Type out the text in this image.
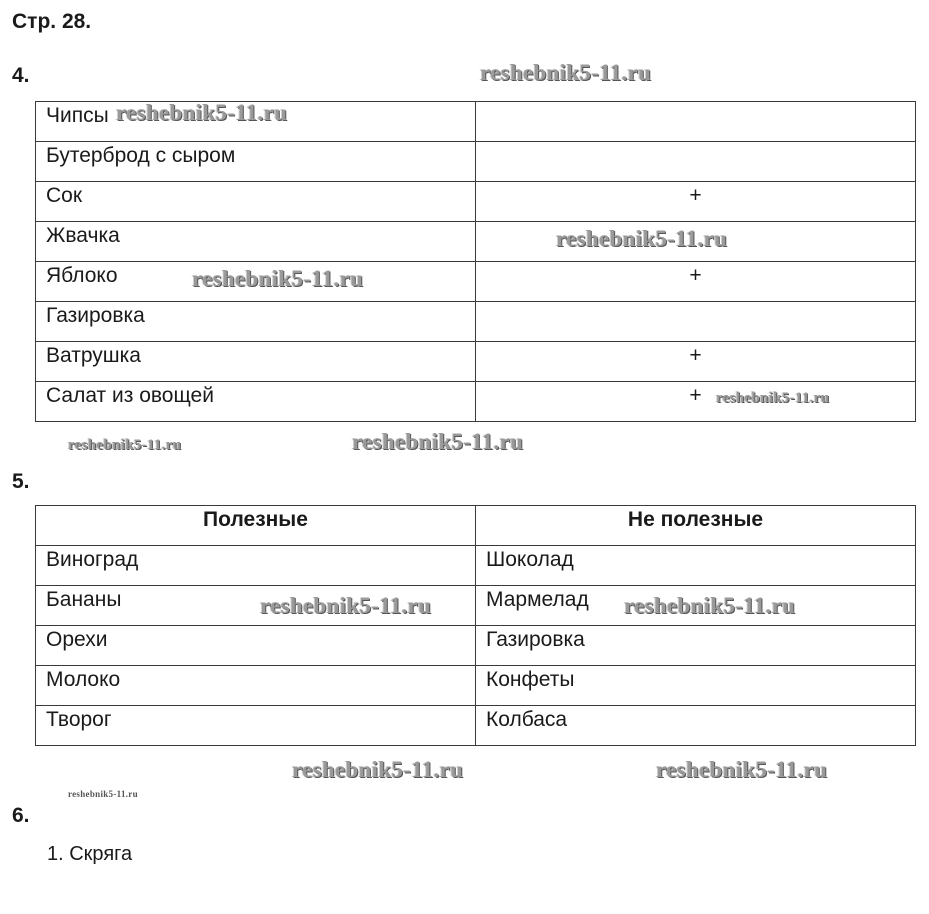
Стр. 28.
4.
Чипсы	
Бутерброд с сыром	
Сок	+
Жвачка	
Яблоко	+
Газировка	
Ватрушка	+
Салат из овощей	+
5.
Полезные	Не полезные
Виноград	Шоколад
Бананы	Мармелад
Орехи	Газировка
Молоко	Конфеты
Творог	Колбаса
6.
1. Скряга
reshebnik5-11.ru
reshebnik5-11.ru
reshebnik5-11.ru
reshebnik5-11.ru
reshebnik5-11.ru
reshebnik5-11.ru	reshebnik5-11.ru
reshebnik5-11.ru	reshebnik5-11.ru
reshebnik5-11.ru	reshebnik5-11.ru
reshebnik5-11.ru
